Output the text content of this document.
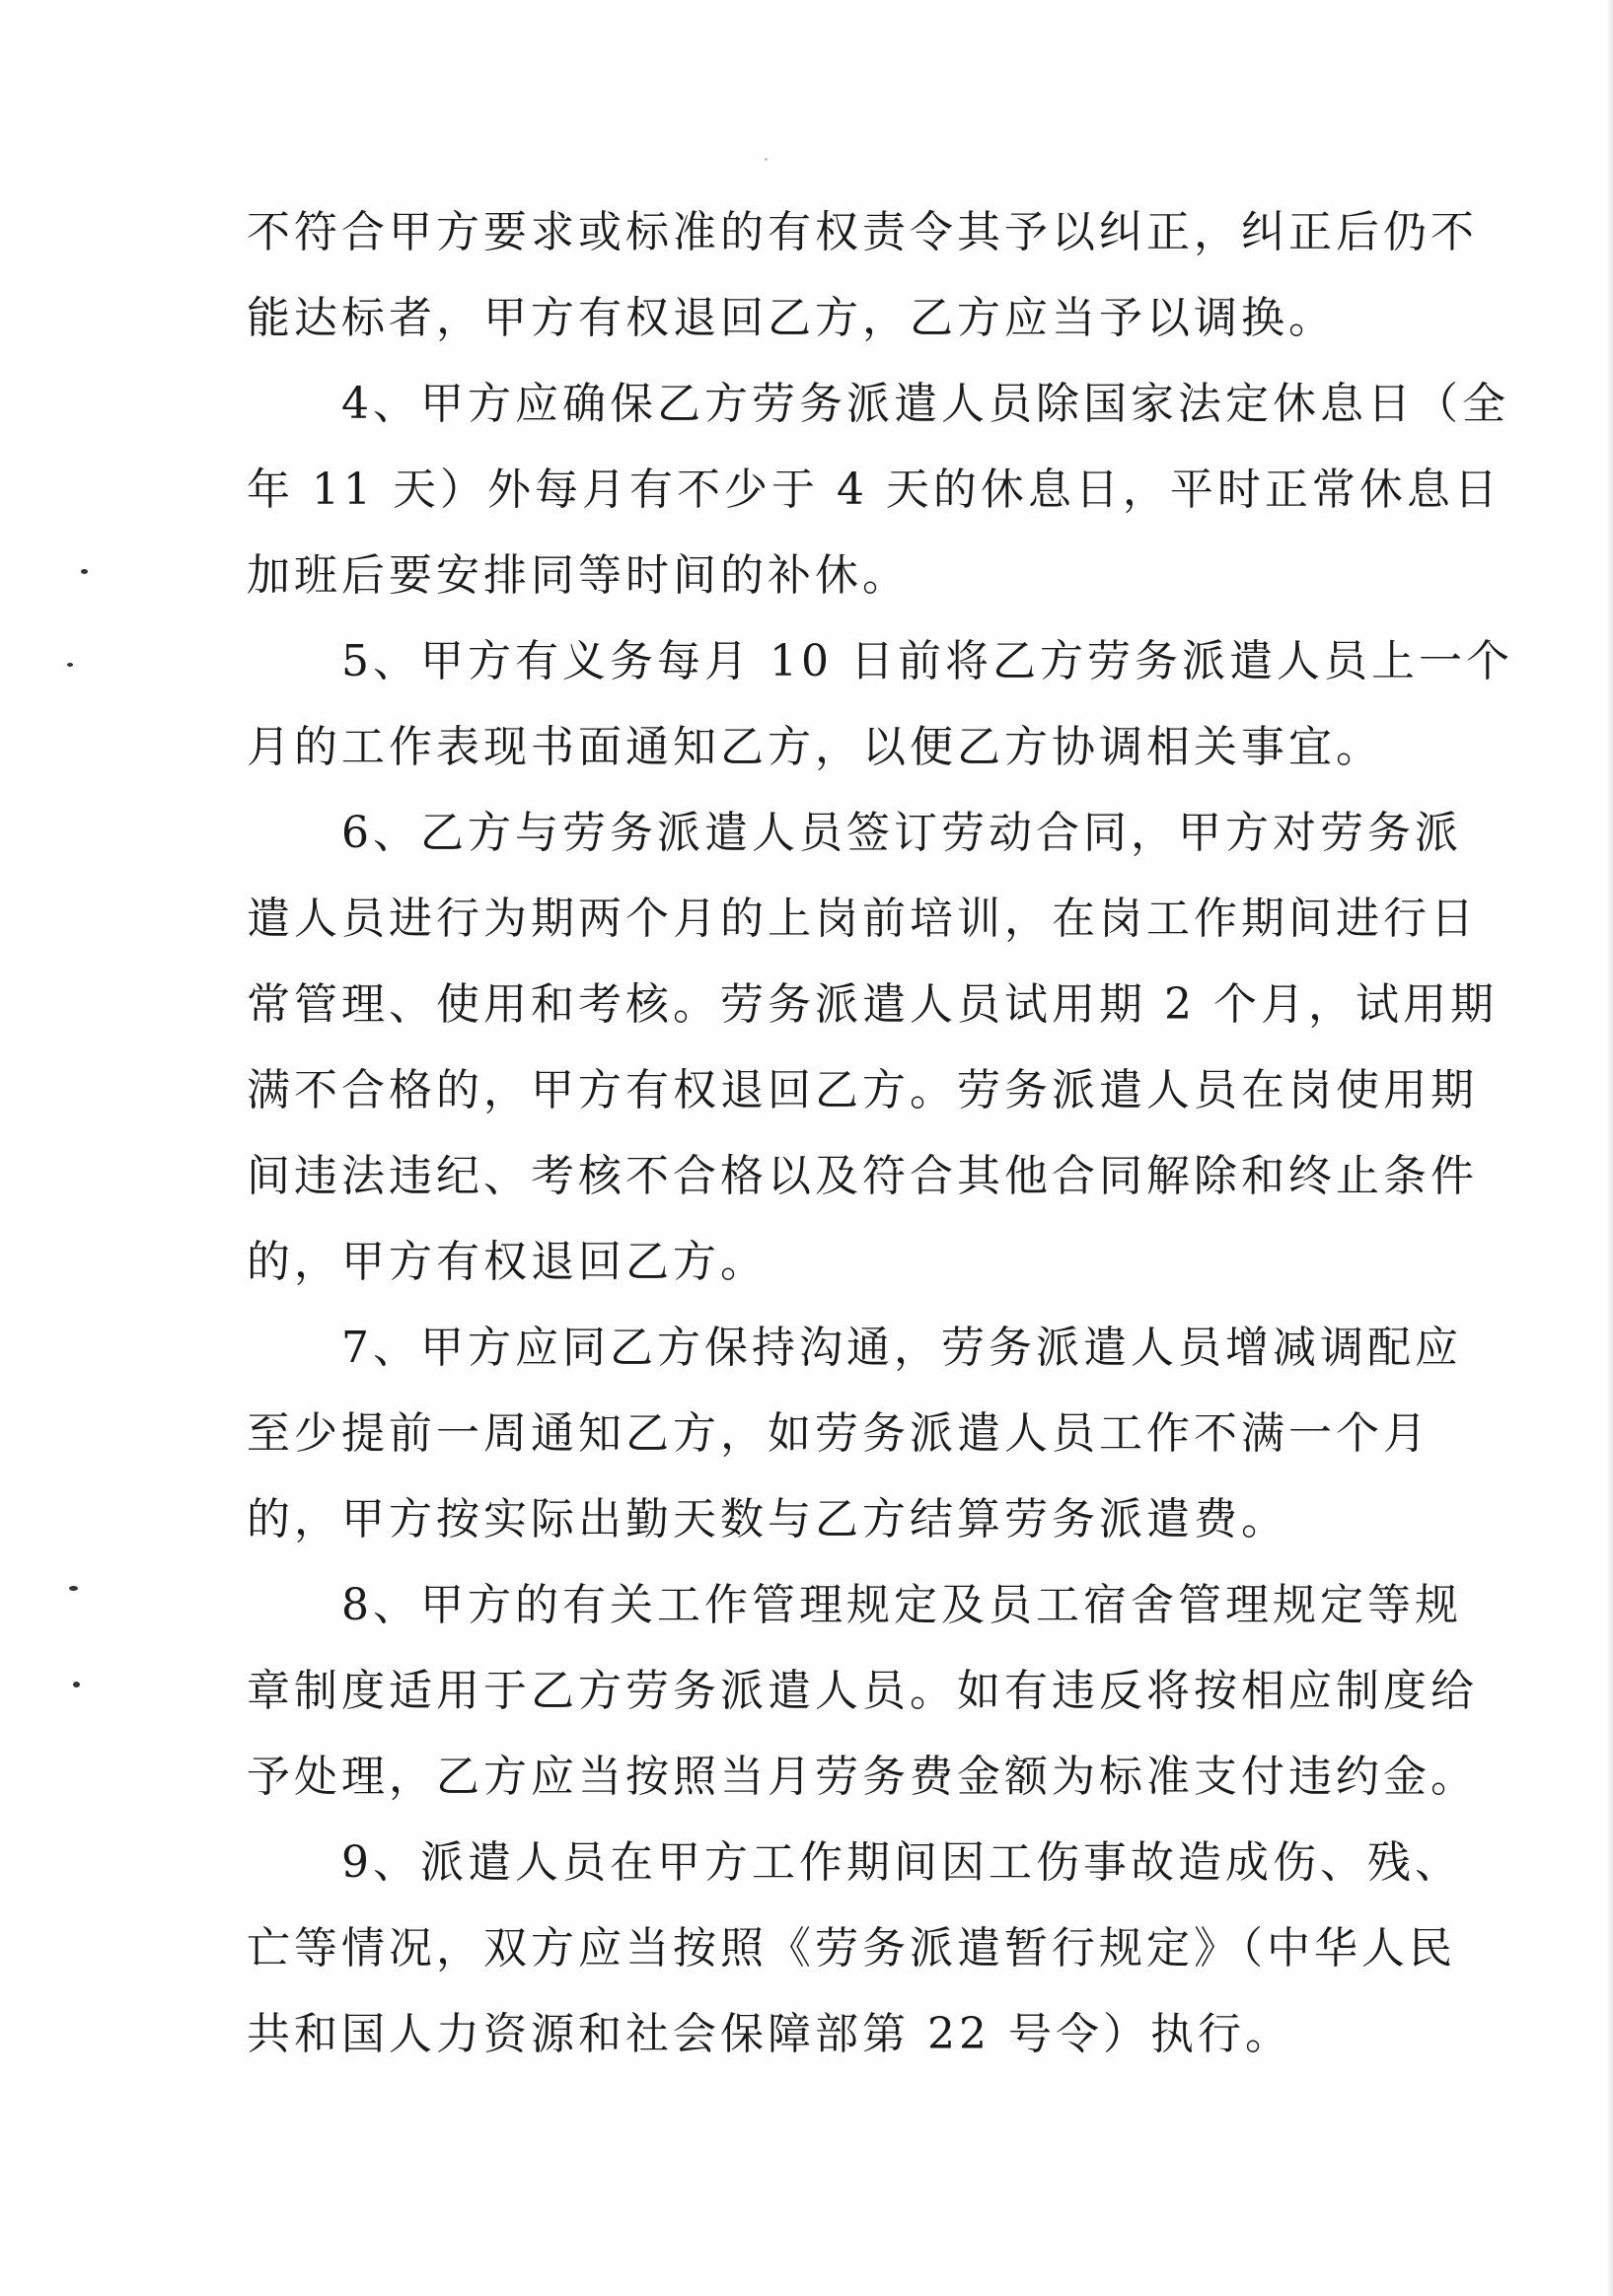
不符合甲方要求或标准的有权责令其予以纠正，纠正后仍不
能达标者，甲方有权退回乙方，乙方应当予以调换。
　　4、甲方应确保乙方劳务派遣人员除国家法定休息日（全
年 11 天）外每月有不少于 4 天的休息日，平时正常休息日
加班后要安排同等时间的补休。
　　5、甲方有义务每月 10 日前将乙方劳务派遣人员上一个
月的工作表现书面通知乙方，以便乙方协调相关事宜。
　　6、乙方与劳务派遣人员签订劳动合同，甲方对劳务派
遣人员进行为期两个月的上岗前培训，在岗工作期间进行日
常管理、使用和考核。劳务派遣人员试用期 2 个月，试用期
满不合格的，甲方有权退回乙方。劳务派遣人员在岗使用期
间违法违纪、考核不合格以及符合其他合同解除和终止条件
的，甲方有权退回乙方。
　　7、甲方应同乙方保持沟通，劳务派遣人员增减调配应
至少提前一周通知乙方，如劳务派遣人员工作不满一个月
的，甲方按实际出勤天数与乙方结算劳务派遣费。
　　8、甲方的有关工作管理规定及员工宿舍管理规定等规
章制度适用于乙方劳务派遣人员。如有违反将按相应制度给
予处理，乙方应当按照当月劳务费金额为标准支付违约金。
　　9、派遣人员在甲方工作期间因工伤事故造成伤、残、
亡等情况，双方应当按照《劳务派遣暂行规定》（中华人民
共和国人力资源和社会保障部第 22 号令）执行。
